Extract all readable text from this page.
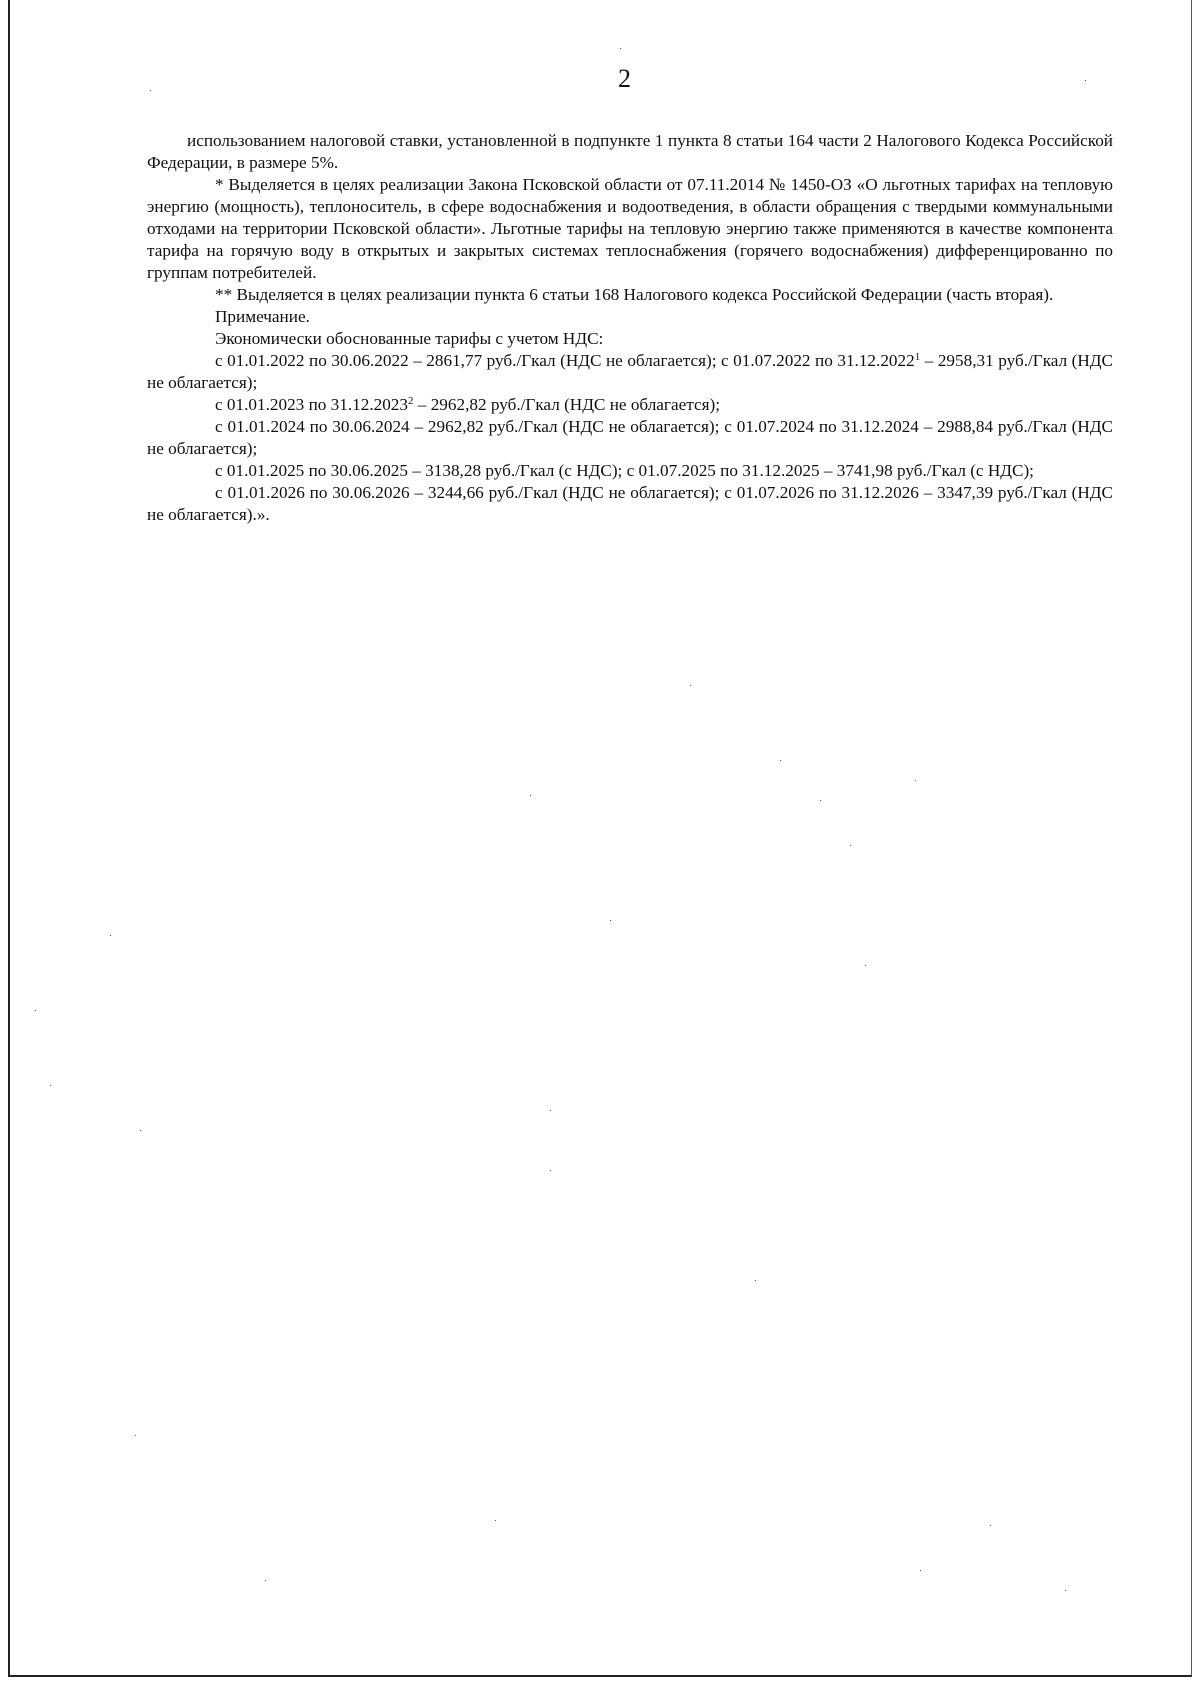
2

использованием налоговой ставки, установленной в подпункте 1 пункта 8 статьи 164 части 2 Налогового Кодекса Российской Федерации, в размере 5%.

* Выделяется в целях реализации Закона Псковской области от 07.11.2014 № 1450-ОЗ «О льготных тарифах на тепловую энергию (мощность), теплоноситель, в сфере водоснабжения и водоотведения, в области обращения с твердыми коммунальными отходами на территории Псковской области». Льготные тарифы на тепловую энергию также применяются в качестве компонента тарифа на горячую воду в открытых и закрытых системах теплоснабжения (горячего водоснабжения) дифференцированно по группам потребителей.

** Выделяется в целях реализации пункта 6 статьи 168 Налогового кодекса Российской Федерации (часть вторая).

Примечание.

Экономически обоснованные тарифы с учетом НДС:

с 01.01.2022 по 30.06.2022 – 2861,77 руб./Гкал (НДС не облагается); с 01.07.2022 по 31.12.2022$^1$ – 2958,31 руб./Гкал (НДС не облагается);

с 01.01.2023 по 31.12.2023$^2$ – 2962,82 руб./Гкал (НДС не облагается);

с 01.01.2024 по 30.06.2024 – 2962,82 руб./Гкал (НДС не облагается); с 01.07.2024 по 31.12.2024 – 2988,84 руб./Гкал (НДС не облагается);

с 01.01.2025 по 30.06.2025 – 3138,28 руб./Гкал (с НДС); с 01.07.2025 по 31.12.2025 – 3741,98 руб./Гкал (с НДС);

с 01.01.2026 по 30.06.2026 – 3244,66 руб./Гкал (НДС не облагается); с 01.07.2026 по 31.12.2026 – 3347,39 руб./Гкал (НДС не облагается).».
